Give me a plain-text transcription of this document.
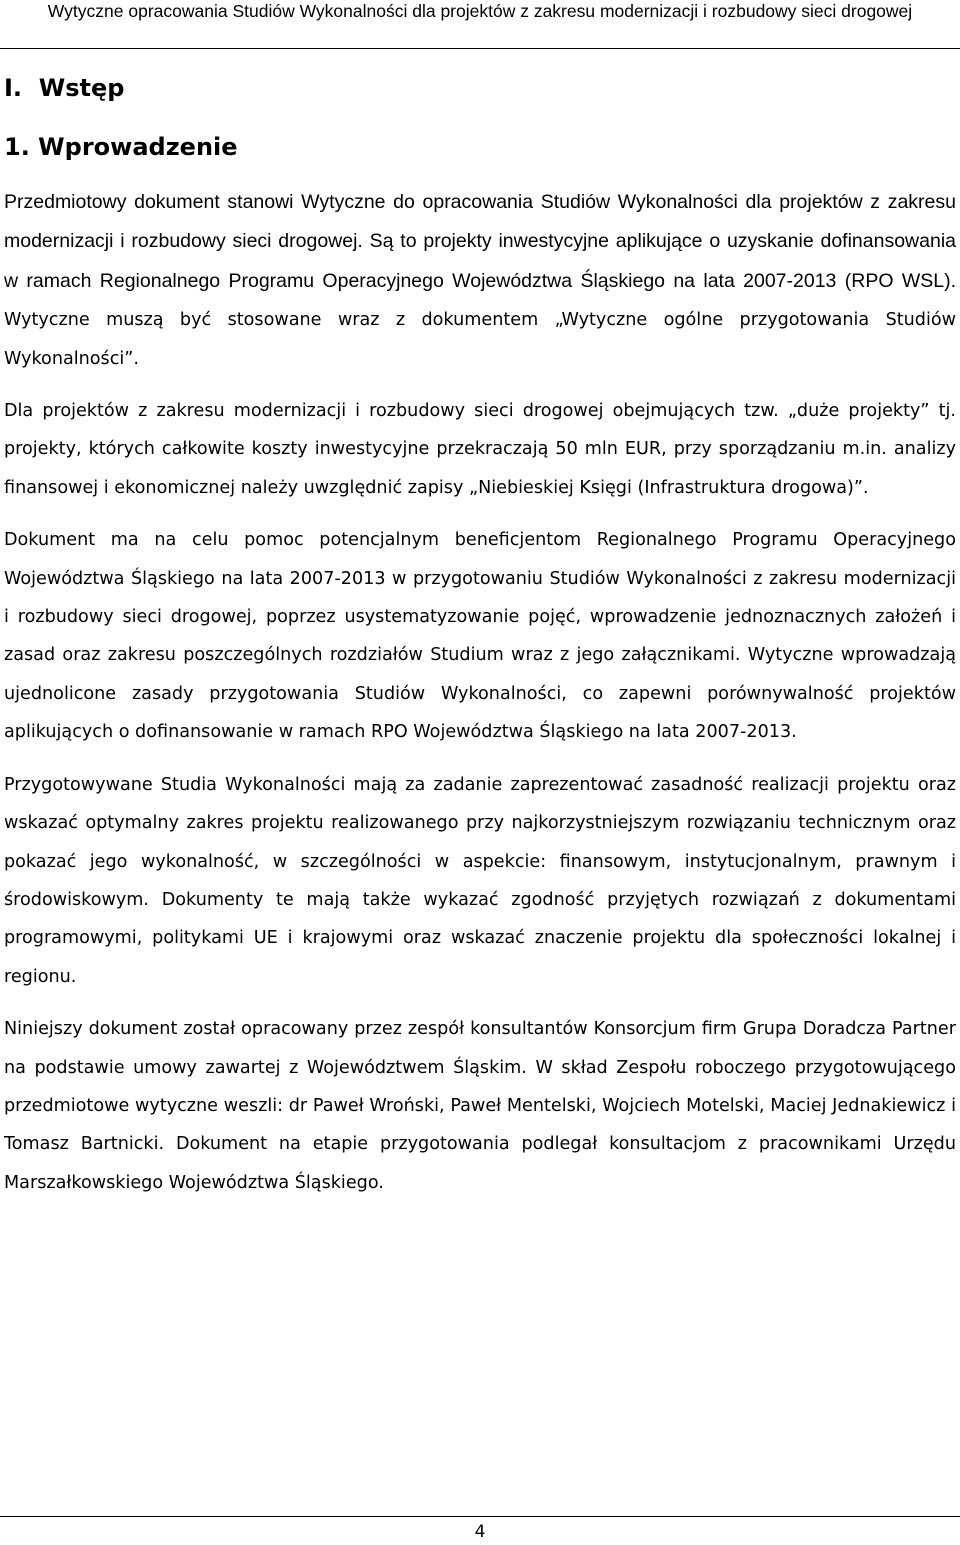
Wytyczne opracowania Studiów Wykonalności dla projektów z zakresu modernizacji i rozbudowy sieci drogowej
I.  Wstęp
1. Wprowadzenie

Przedmiotowy dokument stanowi Wytyczne do opracowania Studiów Wykonalności dla projektów z zakresu modernizacji i rozbudowy sieci drogowej. Są to projekty inwestycyjne aplikujące o uzyskanie dofinansowania w ramach Regionalnego Programu Operacyjnego Województwa Śląskiego na lata 2007-2013 (RPO WSL). Wytyczne muszą być stosowane wraz z dokumentem „Wytyczne ogólne przygotowania Studiów Wykonalności”.

Dla projektów z zakresu modernizacji i rozbudowy sieci drogowej obejmujących tzw. „duże projekty” tj. projekty, których całkowite koszty inwestycyjne przekraczają 50 mln EUR, przy sporządzaniu m.in. analizy finansowej i ekonomicznej należy uwzględnić zapisy „Niebieskiej Księgi (Infrastruktura drogowa)”.

Dokument ma na celu pomoc potencjalnym beneficjentom Regionalnego Programu Operacyjnego Województwa Śląskiego na lata 2007-2013 w przygotowaniu Studiów Wykonalności z zakresu modernizacji i rozbudowy sieci drogowej, poprzez usystematyzowanie pojęć, wprowadzenie jednoznacznych założeń i zasad oraz zakresu poszczególnych rozdziałów Studium wraz z jego załącznikami. Wytyczne wprowadzają ujednolicone zasady przygotowania Studiów Wykonalności, co zapewni porównywalność projektów aplikujących o dofinansowanie w ramach RPO Województwa Śląskiego na lata 2007-2013.

Przygotowywane Studia Wykonalności mają za zadanie zaprezentować zasadność realizacji projektu oraz wskazać optymalny zakres projektu realizowanego przy najkorzystniejszym rozwiązaniu technicznym oraz pokazać jego wykonalność, w szczególności w aspekcie: finansowym, instytucjonalnym, prawnym i środowiskowym. Dokumenty te mają także wykazać zgodność przyjętych rozwiązań z dokumentami programowymi, politykami UE i krajowymi oraz wskazać znaczenie projektu dla społeczności lokalnej i regionu.

Niniejszy dokument został opracowany przez zespół konsultantów Konsorcjum firm Grupa Doradcza Partner na podstawie umowy zawartej z Województwem Śląskim. W skład Zespołu roboczego przygotowującego przedmiotowe wytyczne weszli: dr Paweł Wroński, Paweł Mentelski, Wojciech Motelski, Maciej Jednakiewicz i Tomasz Bartnicki. Dokument na etapie przygotowania podlegał konsultacjom z pracownikami Urzędu Marszałkowskiego Województwa Śląskiego.

4
